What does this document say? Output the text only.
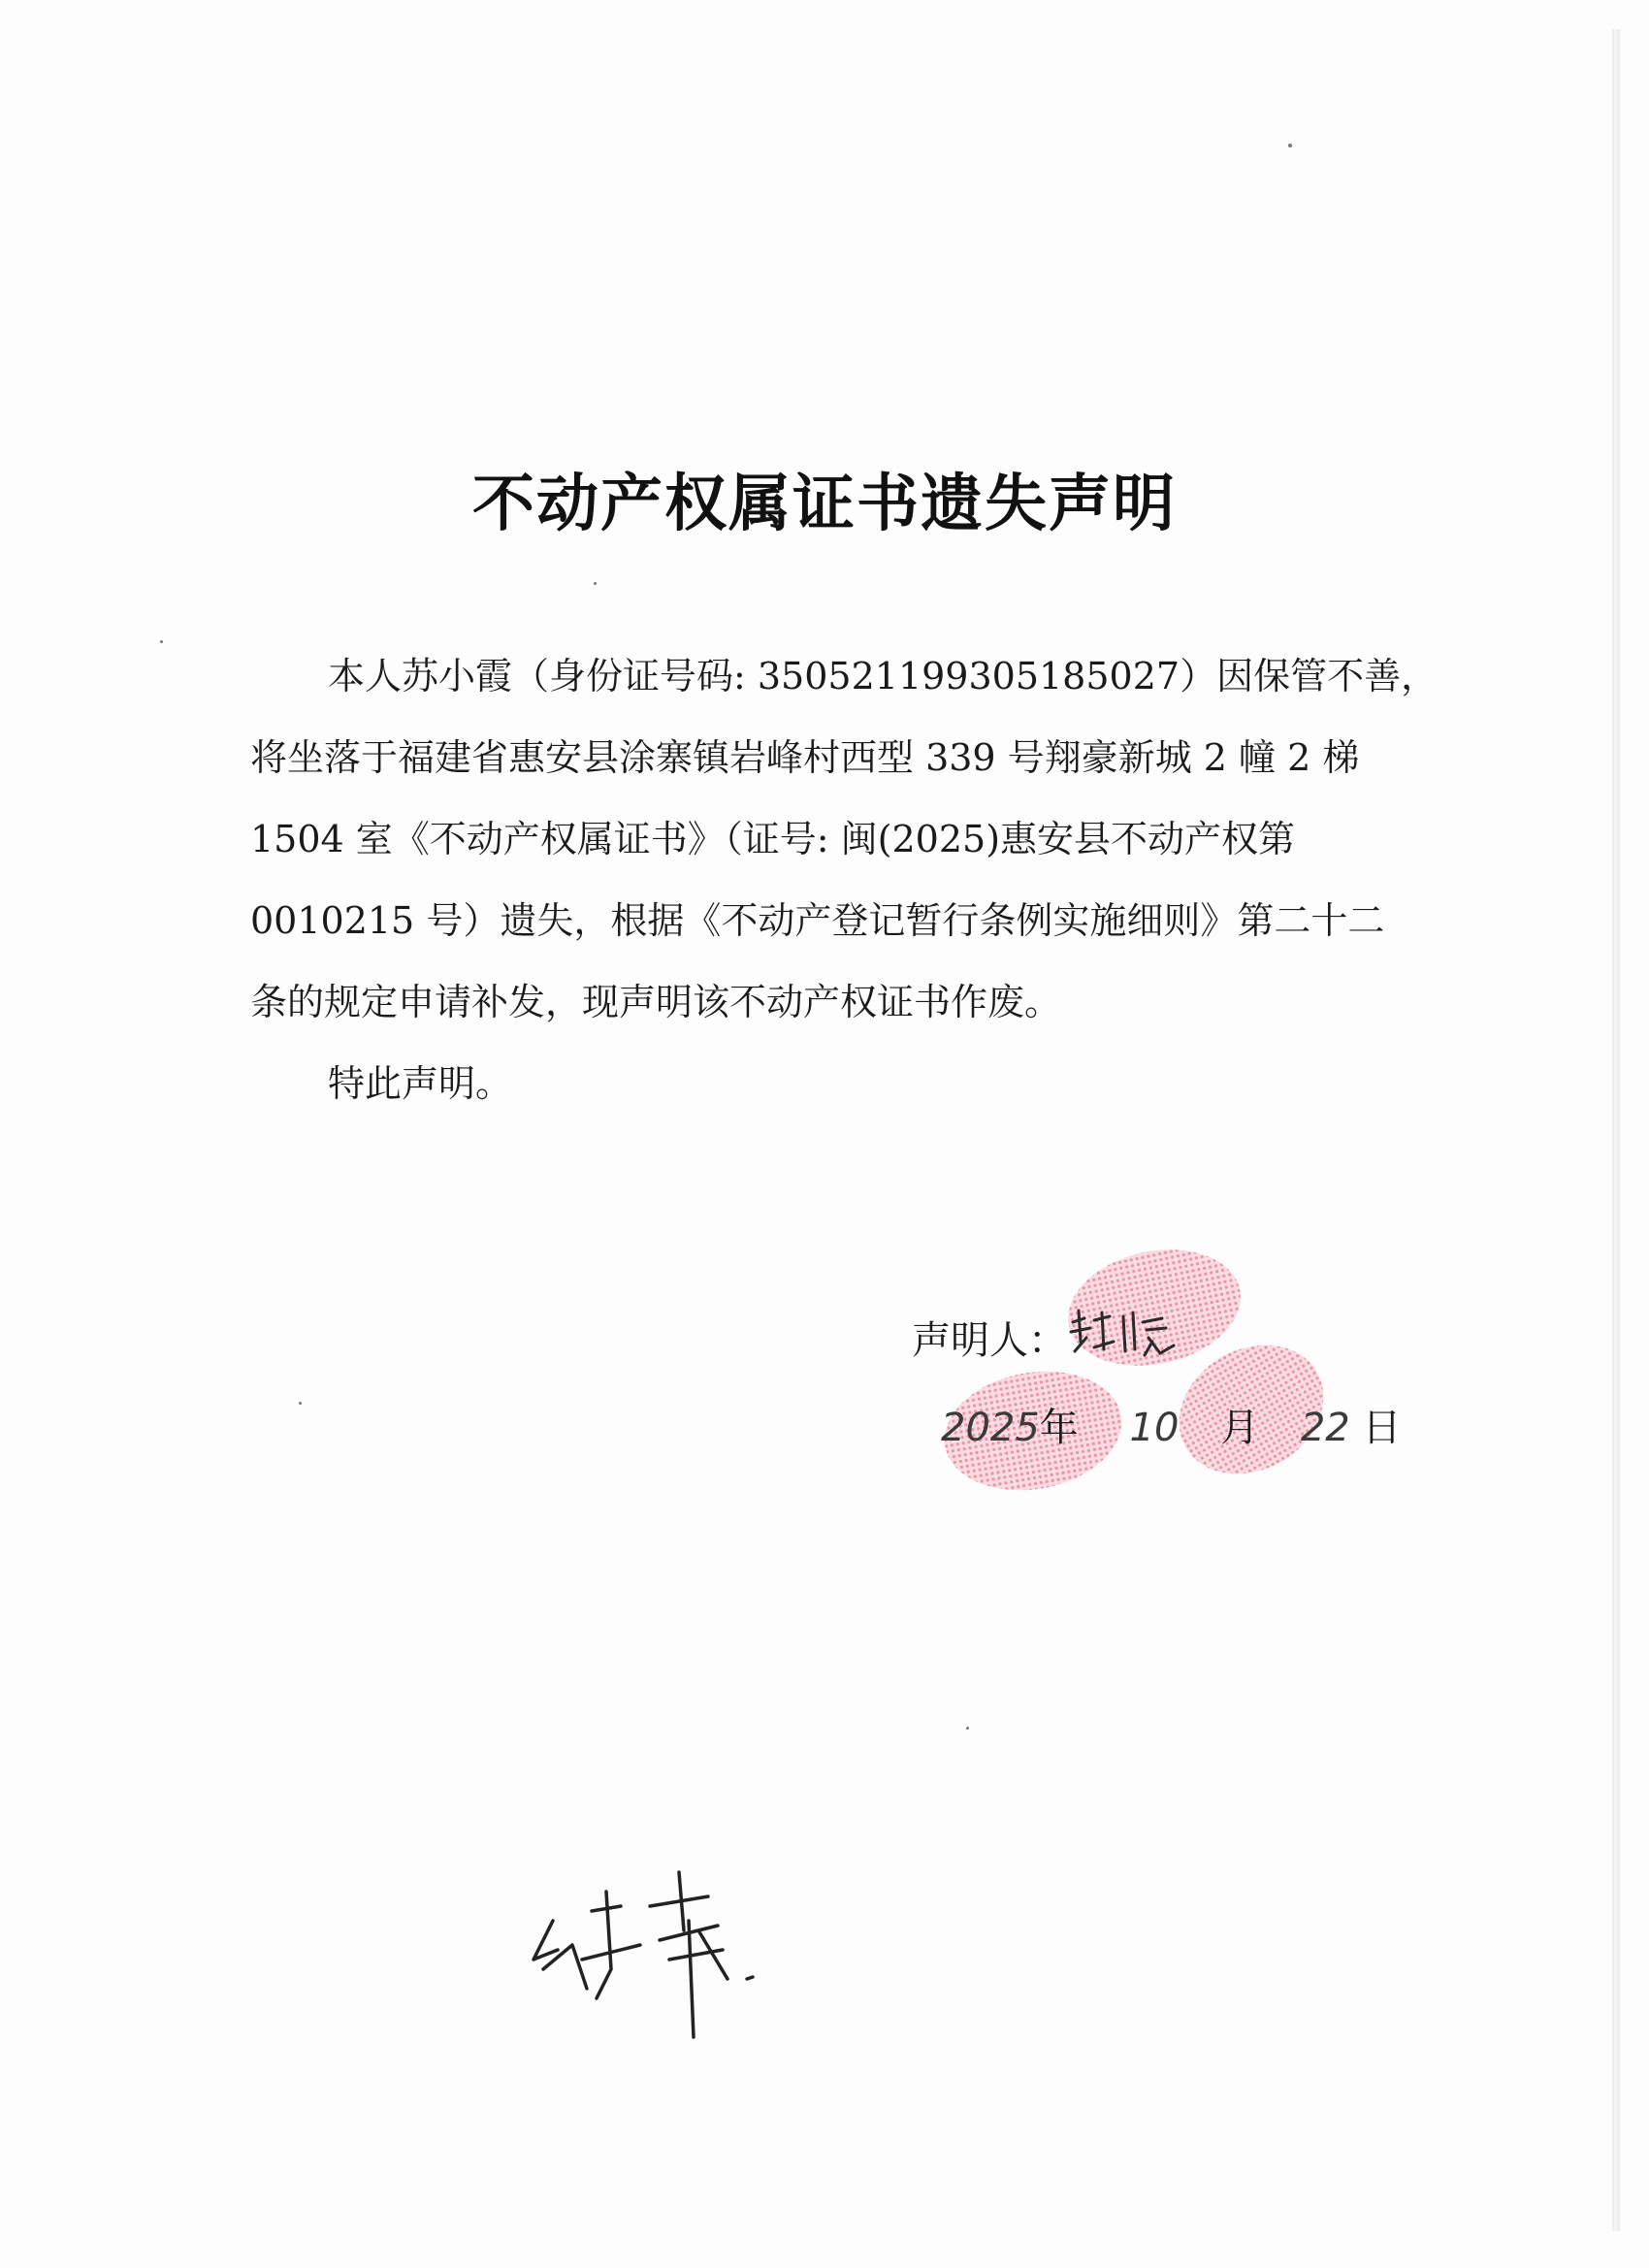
不动产权属证书遗失声明
本人苏小霞（身份证号码: 350521199305185027）因保管不善，
将坐落于福建省惠安县涂寨镇岩峰村西型 339 号翔豪新城 2 幢 2 梯
1504 室《不动产权属证书》（证号: 闽(2025)惠安县不动产权第
0010215 号）遗失，根据《不动产登记暂行条例实施细则》第二十二
条的规定申请补发，现声明该不动产权证书作废。
特此声明。
声明人：
2025年 10 月 22 日
